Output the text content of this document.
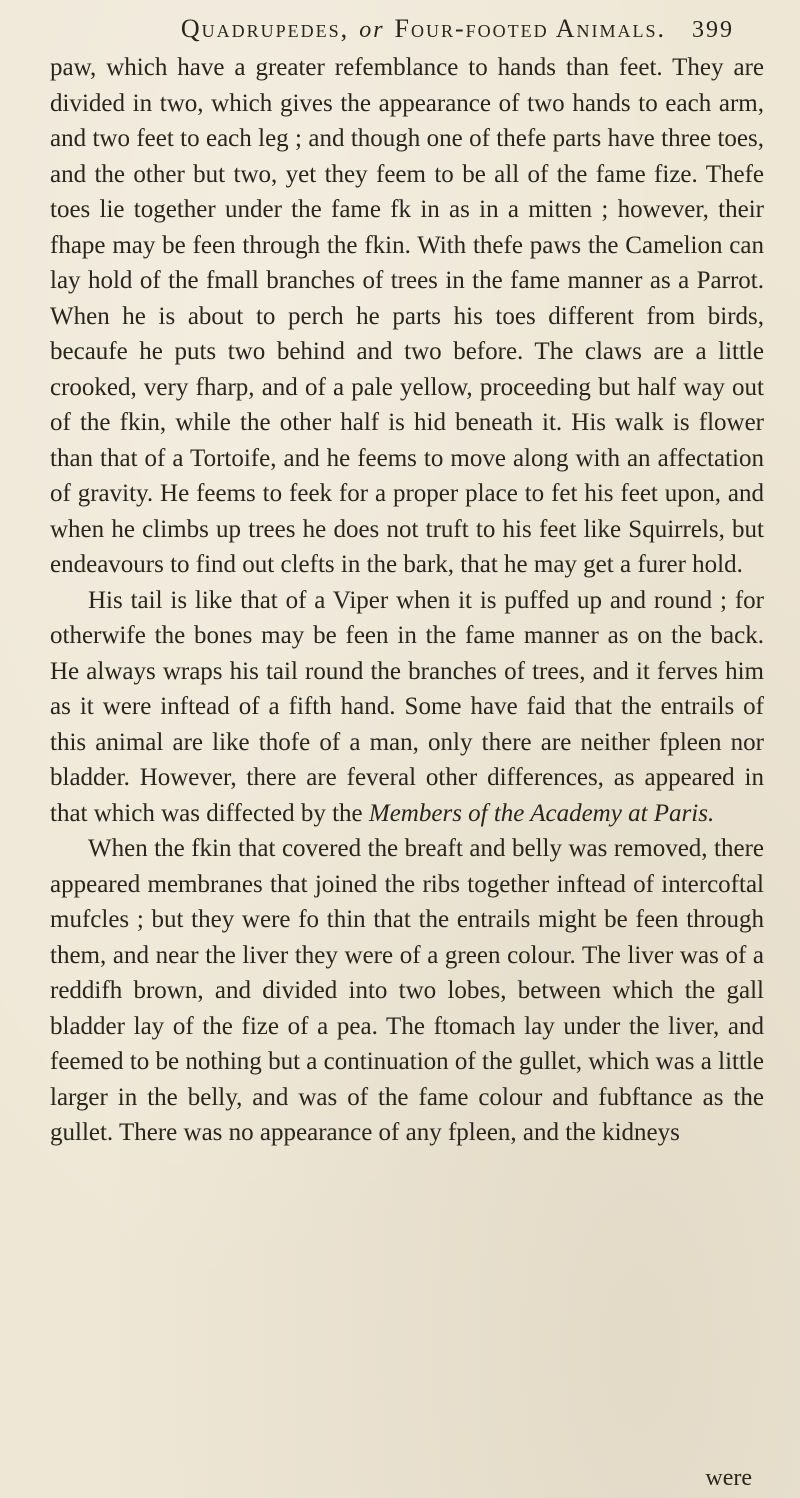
Quadrupedes, or Four-footed Animals. 399

paw, which have a greater refemblance to hands than feet. They are divided in two, which gives the appearance of two hands to each arm, and two feet to each leg ; and though one of thefe parts have three toes, and the other but two, yet they feem to be all of the fame fize. Thefe toes lie together under the fame fk in as in a mitten ; however, their fhape may be feen through the fkin. With thefe paws the Camelion can lay hold of the fmall branches of trees in the fame manner as a Parrot. When he is about to perch he parts his toes different from birds, becaufe he puts two behind and two before. The claws are a little crooked, very fharp, and of a pale yellow, proceeding but half way out of the fkin, while the other half is hid beneath it. His walk is flower than that of a Tortoife, and he feems to move along with an affectation of gravity. He feems to feek for a proper place to fet his feet upon, and when he climbs up trees he does not truft to his feet like Squirrels, but endeavours to find out clefts in the bark, that he may get a furer hold.

His tail is like that of a Viper when it is puffed up and round ; for otherwife the bones may be feen in the fame manner as on the back. He always wraps his tail round the branches of trees, and it ferves him as it were inftead of a fifth hand. Some have faid that the entrails of this animal are like thofe of a man, only there are neither fpleen nor bladder. However, there are feveral other differences, as appeared in that which was diffected by the Members of the Academy at Paris.

When the fkin that covered the breaft and belly was removed, there appeared membranes that joined the ribs together inftead of intercoftal mufcles ; but they were fo thin that the entrails might be feen through them, and near the liver they were of a green colour. The liver was of a reddifh brown, and divided into two lobes, between which the gall bladder lay of the fize of a pea. The ftomach lay under the liver, and feemed to be nothing but a continuation of the gullet, which was a little larger in the belly, and was of the fame colour and fubftance as the gullet. There was no appearance of any fpleen, and the kidneys

were
